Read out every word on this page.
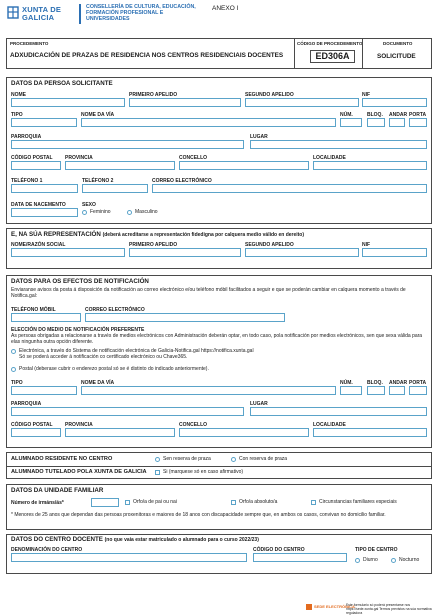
XUNTA DE GALICIA
CONSELLERÍA DE CULTURA, EDUCACIÓN, FORMACIÓN PROFESIONAL E UNIVERSIDADES
ANEXO I
PROCEDEMENTO
ADXUDICACIÓN DE PRAZAS DE RESIDENCIA NOS CENTROS RESIDENCIAIS DOCENTES
CÓDIGO DE PROCEDEMENTO
ED306A
DOCUMENTO
SOLICITUDE
DATOS DA PERSOA SOLICITANTE
NOME	PRIMEIRO APELIDO	SEGUNDO APELIDO	NIF
TIPO	NOME DA VÍA	NÚM.	BLOQ. ANDAR PORTA
PARROQUIA	LUGAR
CÓDIGO POSTAL PROVINCIA	CONCELLO	LOCALIDADE
TELÉFONO 1	TELÉFONO 2	CORREO ELECTRÓNICO
DATA DE NACEMENTO	SEXO
Feminino	Masculino
E, NA SÚA REPRESENTACIÓN (deberá acreditarse a representación fidedigna por calquera medio válido en dereito)
NOME/RAZÓN SOCIAL	PRIMEIRO APELIDO	SEGUNDO APELIDO	NIF
DATOS PARA OS EFECTOS DE NOTIFICACIÓN
Enviaranse avisos da posta á disposición da notificación ao correo electrónico e/ou teléfono móbil facilitados a seguir e que se poderán cambiar en calquera momento a través de Notifica.gal:
TELÉFONO MÓBIL	CORREO ELECTRÓNICO
ELECCIÓN DO MEDIO DE NOTIFICACIÓN PREFERENTE
As persoas obrigadas a relacionarse a través de medios electrónicos con Administración deberán optar, en todo caso, pola notificación por medios electrónicos, sen que sexa válida para elas ningunha outra opción diferente.
Electrónica, a través do Sistema de notificación electrónica de Galicia-Notifica.gal https://notifica.xunta.gal
Só se poderá acceder á notificación co certificado electrónico ou Chave365.
Postal (deberase cubrir o enderezo postal só se é distinto do indicado anteriormente).
TIPO	NOME DA VÍA	NÚM.	BLOQ. ANDAR PORTA
PARROQUIA	LUGAR
CÓDIGO POSTAL PROVINCIA	CONCELLO	LOCALIDADE
ALUMNADO RESIDENTE NO CENTRO	Sen reserva de praza	Con reserva de praza
ALUMNADO TUTELADO POLA XUNTA DE GALICIA	Si (marquese só en caso afirmativo)
DATOS DA UNIDADE FAMILIAR
Número de irmáns/ás*	Orfo/a de pai ou nai	Orfo/a absoluto/a	Circunstancias familiares especiais
* Menores de 25 anos que dependan das persoas proxenitoras e maiores de 18 anos con discapacidade sempre que, en ambos os casos, convivan no domicilio familiar.
DATOS DO CENTRO DOCENTE (no que vaia estar matriculado o alumnado para o curso 2022/23)
DENOMINACIÓN DO CENTRO	CÓDIGO DO CENTRO	TIPO DE CENTRO
Diurno	Nocturno
SEDE ELECTRÓNICA
Este formulario só poderá presentarse nos https://sede.xunta.gal Termos previstos na súa normativa reguladora
